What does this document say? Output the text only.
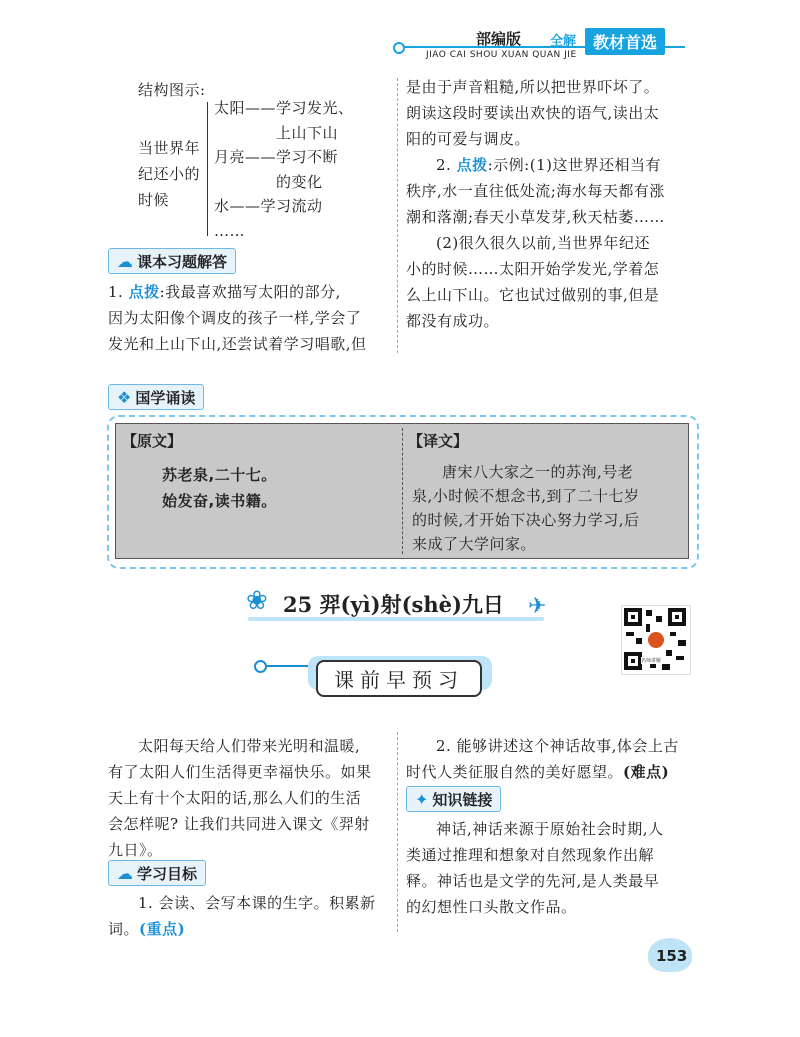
部编版
JIAO CAI SHOU XUAN QUAN JIE
全解	教材首选
结构图示:
当世界年
纪还小的
时候
太阳——学习发光、
上山下山
月亮——学习不断
的变化
水——学习流动
……
☁ 课本习题解答
1. 点拨:我最喜欢描写太阳的部分,
因为太阳像个调皮的孩子一样,学会了
发光和上山下山,还尝试着学习唱歌,但
是由于声音粗糙,所以把世界吓坏了。
朗读这段时要读出欢快的语气,读出太
阳的可爱与调皮。
2. 点拨:示例:(1)这世界还相当有
秩序,水一直往低处流;海水每天都有涨
潮和落潮;春天小草发芽,秋天枯萎……
(2)很久很久以前,当世界年纪还
小的时候……太阳开始学发光,学着怎
么上山下山。它也试过做别的事,但是
都没有成功。
❖ 国学诵读
【原文】
苏老泉,二十七。
始发奋,读书籍。
【译文】
唐宋八大家之一的苏洵,号老
泉,小时候不想念书,到了二十七岁
的时候,才开始下决心努力学习,后
来成了大学问家。
❀ 25 羿(yì)射(shè)九日 ✈
名师讲解
课前早预习
太阳每天给人们带来光明和温暖,
有了太阳人们生活得更幸福快乐。如果
天上有十个太阳的话,那么人们的生活
会怎样呢? 让我们共同进入课文《羿射
九日》。
☁ 学习目标
1. 会读、会写本课的生字。积累新
词。(重点)
2. 能够讲述这个神话故事,体会上古
时代人类征服自然的美好愿望。(难点)
✦ 知识链接
神话,神话来源于原始社会时期,人
类通过推理和想象对自然现象作出解
释。神话也是文学的先河,是人类最早
的幻想性口头散文作品。
153
